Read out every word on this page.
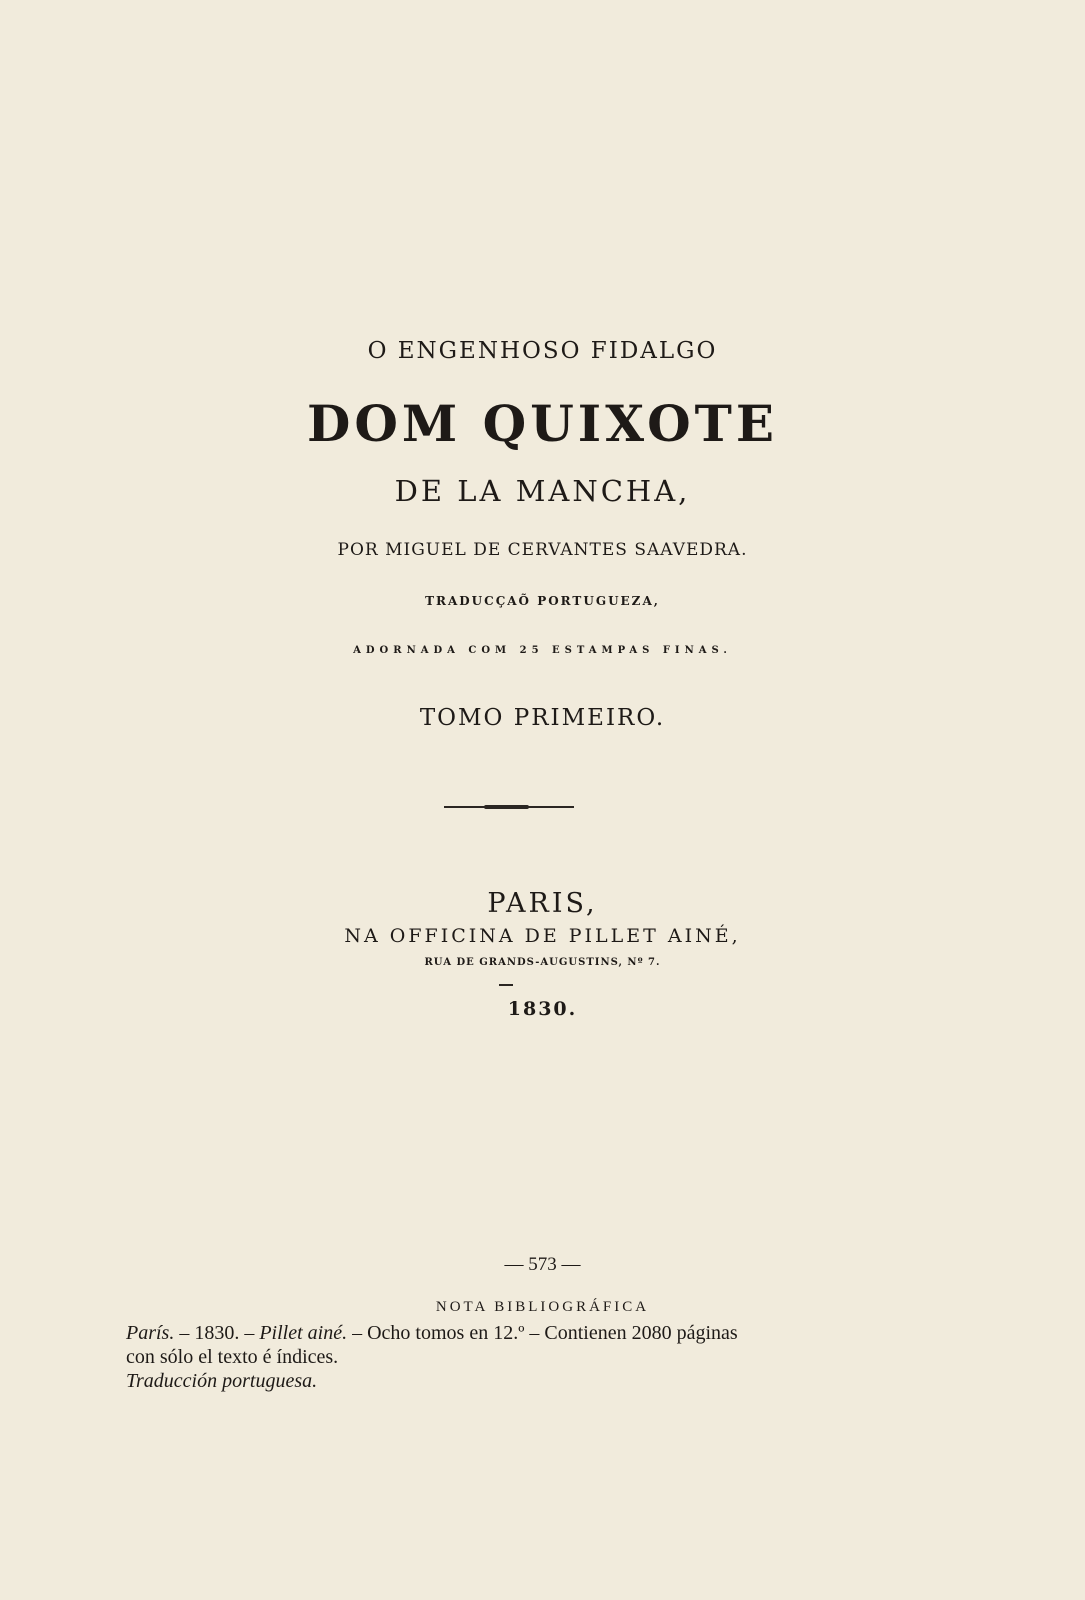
O ENGENHOSO FIDALGO
DOM QUIXOTE
DE LA MANCHA,
POR MIGUEL DE CERVANTES SAAVEDRA.
TRADUCÇAÕ PORTUGUEZA,
ADORNADA COM 25 ESTAMPAS FINAS.
TOMO PRIMEIRO.
PARIS,
NA OFFICINA DE PILLET AINÉ,
RUA DE GRANDS-AUGUSTINS, Nº 7.
1830.
— 573 —
NOTA BIBLIOGRÁFICA

París. – 1830. – Pillet ainé. – Ocho tomos en 12.º – Contienen 2080 páginas

con sólo el texto é índices.

Traducción portuguesa.
